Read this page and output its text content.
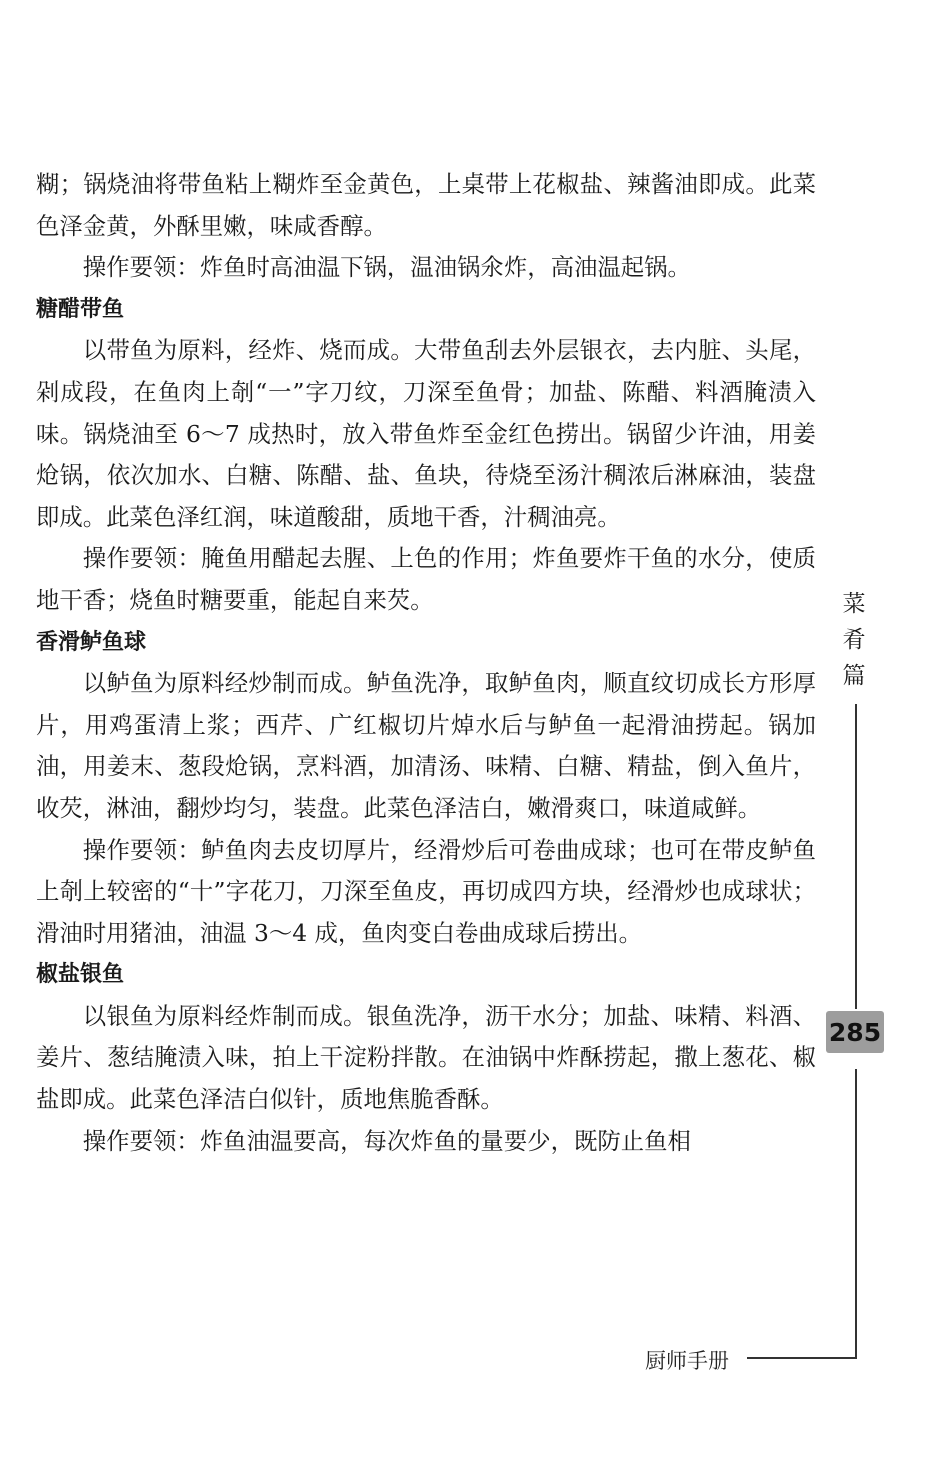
糊；锅烧油将带鱼粘上糊炸至金黄色，上桌带上花椒盐、辣酱油即成。此菜色泽金黄，外酥里嫩，味咸香醇。

操作要领：炸鱼时高油温下锅，温油锅氽炸，高油温起锅。

糖醋带鱼

以带鱼为原料，经炸、烧而成。大带鱼刮去外层银衣，去内脏、头尾，剁成段，在鱼肉上剞“一”字刀纹，刀深至鱼骨；加盐、陈醋、料酒腌渍入味。锅烧油至 6～7 成热时，放入带鱼炸至金红色捞出。锅留少许油，用姜炝锅，依次加水、白糖、陈醋、盐、鱼块，待烧至汤汁稠浓后淋麻油，装盘即成。此菜色泽红润，味道酸甜，质地干香，汁稠油亮。

操作要领：腌鱼用醋起去腥、上色的作用；炸鱼要炸干鱼的水分，使质地干香；烧鱼时糖要重，能起自来芡。

香滑鲈鱼球

以鲈鱼为原料经炒制而成。鲈鱼洗净，取鲈鱼肉，顺直纹切成长方形厚片，用鸡蛋清上浆；西芹、广红椒切片焯水后与鲈鱼一起滑油捞起。锅加油，用姜末、葱段炝锅，烹料酒，加清汤、味精、白糖、精盐，倒入鱼片，收芡，淋油，翻炒均匀，装盘。此菜色泽洁白，嫩滑爽口，味道咸鲜。

操作要领：鲈鱼肉去皮切厚片，经滑炒后可卷曲成球；也可在带皮鲈鱼上剞上较密的“十”字花刀，刀深至鱼皮，再切成四方块，经滑炒也成球状；滑油时用猪油，油温 3～4 成，鱼肉变白卷曲成球后捞出。

椒盐银鱼

以银鱼为原料经炸制而成。银鱼洗净，沥干水分；加盐、味精、料酒、姜片、葱结腌渍入味，拍上干淀粉拌散。在油锅中炸酥捞起，撒上葱花、椒盐即成。此菜色泽洁白似针，质地焦脆香酥。

操作要领：炸鱼油温要高，每次炸鱼的量要少，既防止鱼相

菜肴篇
285
厨师手册
